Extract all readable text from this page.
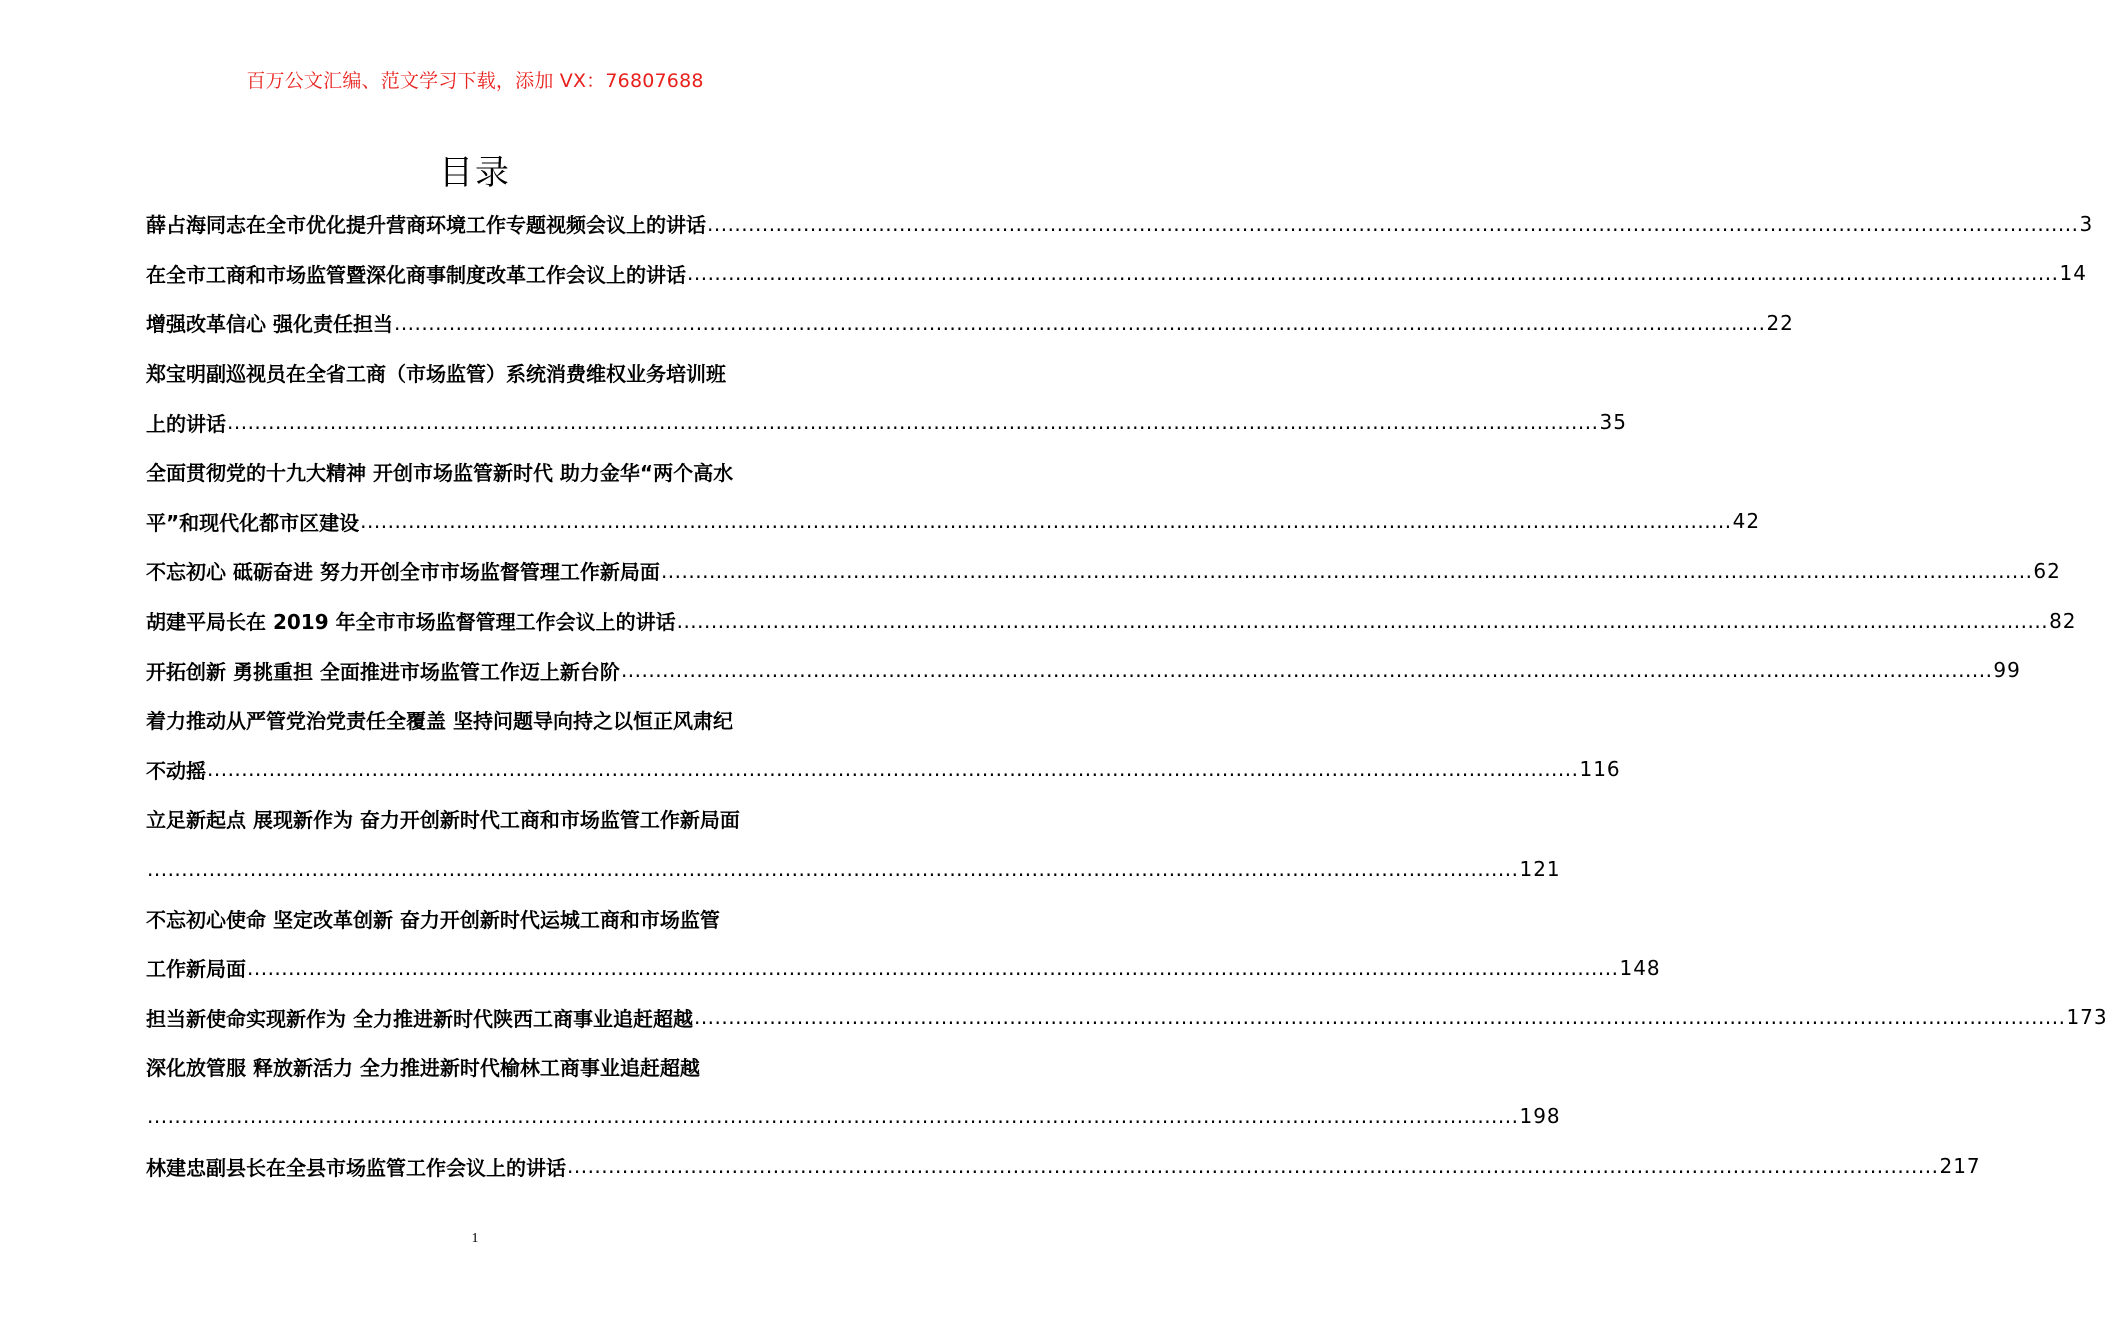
百万公文汇编、范文学习下载，添加 VX：76807688
目录
薛占海同志在全市优化提升营商环境工作专题视频会议上的讲话 ........................................................................................................................................................................................................ 3
在全市工商和市场监管暨深化商事制度改革工作会议上的讲话 ........................................................................................................................................................................................................ 14
增强改革信心 强化责任担当 ........................................................................................................................................................................................................ 22
郑宝明副巡视员在全省工商（市场监管）系统消费维权业务培训班
上的讲话 ........................................................................................................................................................................................................ 35
全面贯彻党的十九大精神 开创市场监管新时代 助力金华“两个高水
平”和现代化都市区建设 ........................................................................................................................................................................................................ 42
不忘初心 砥砺奋进 努力开创全市市场监督管理工作新局面 ........................................................................................................................................................................................................ 62
胡建平局长在 2019 年全市市场监督管理工作会议上的讲话 ........................................................................................................................................................................................................ 82
开拓创新 勇挑重担 全面推进市场监管工作迈上新台阶 ........................................................................................................................................................................................................ 99
着力推动从严管党治党责任全覆盖 坚持问题导向持之以恒正风肃纪
不动摇 ........................................................................................................................................................................................................ 116
立足新起点 展现新作为 奋力开创新时代工商和市场监管工作新局面
........................................................................................................................................................................................................ 121
不忘初心使命 坚定改革创新 奋力开创新时代运城工商和市场监管
工作新局面 ........................................................................................................................................................................................................ 148
担当新使命实现新作为 全力推进新时代陕西工商事业追赶超越 ........................................................................................................................................................................................................ 173
深化放管服 释放新活力 全力推进新时代榆林工商事业追赶超越
........................................................................................................................................................................................................ 198
林建忠副县长在全县市场监管工作会议上的讲话 ........................................................................................................................................................................................................ 217
1
